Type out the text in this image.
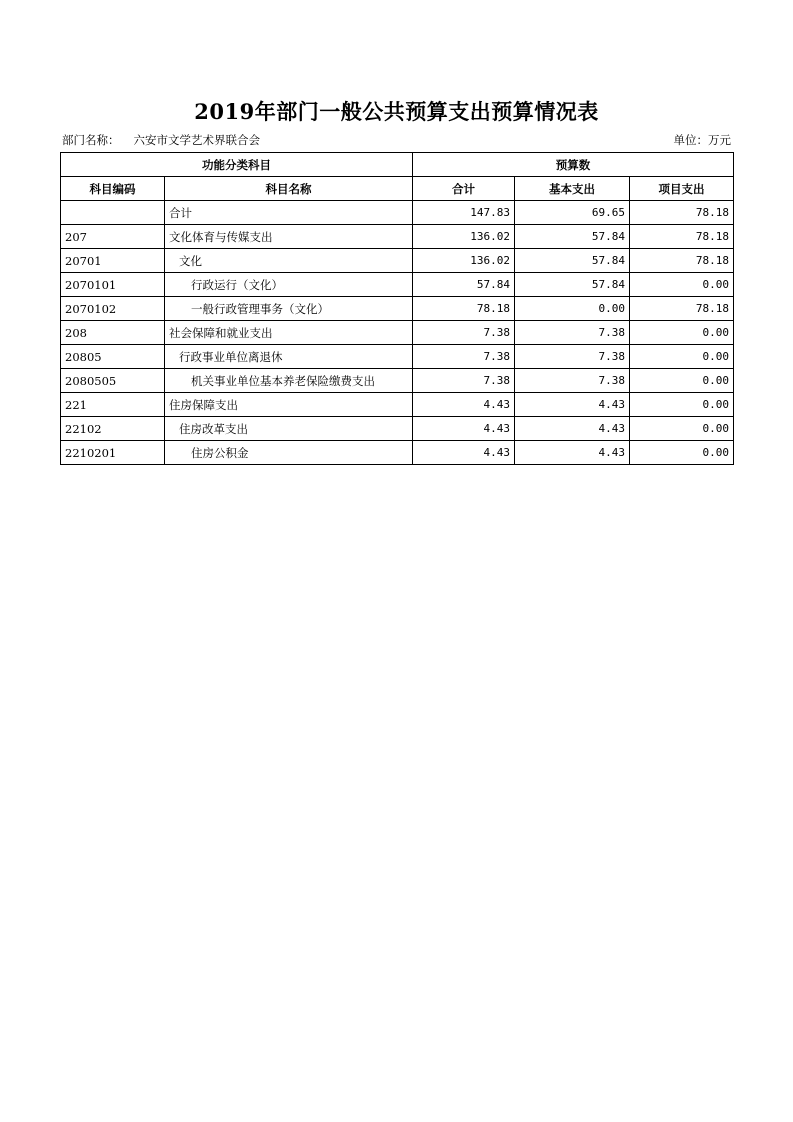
2019年部门一般公共预算支出预算情况表
部门名称： 六安市文学艺术界联合会	单位：万元
功能分类科目		预算数		
科目编码	科目名称	合计	基本支出	项目支出
	合计	147.83	69.65	78.18
207	文化体育与传媒支出	136.02	57.84	78.18
20701	文化	136.02	57.84	78.18
2070101	行政运行（文化）	57.84	57.84	0.00
2070102	一般行政管理事务（文化）	78.18	0.00	78.18
208	社会保障和就业支出	7.38	7.38	0.00
20805	行政事业单位离退休	7.38	7.38	0.00
2080505	机关事业单位基本养老保险缴费支出	7.38	7.38	0.00
221	住房保障支出	4.43	4.43	0.00
22102	住房改革支出	4.43	4.43	0.00
2210201	住房公积金	4.43	4.43	0.00
